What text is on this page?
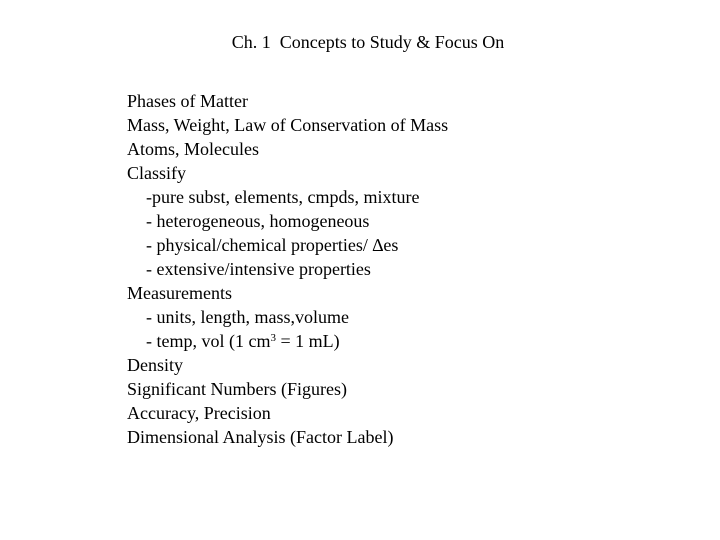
Ch. 1  Concepts to Study & Focus On
Phases of Matter
Mass, Weight, Law of Conservation of Mass
Atoms, Molecules
Classify
-pure subst, elements, cmpds, mixture
- heterogeneous, homogeneous
- physical/chemical properties/ ∆es
- extensive/intensive properties
Measurements
- units, length, mass,volume
- temp, vol (1 $cm^3 = 1$ mL)
Density
Significant Numbers (Figures)
Accuracy, Precision
Dimensional Analysis (Factor Label)
